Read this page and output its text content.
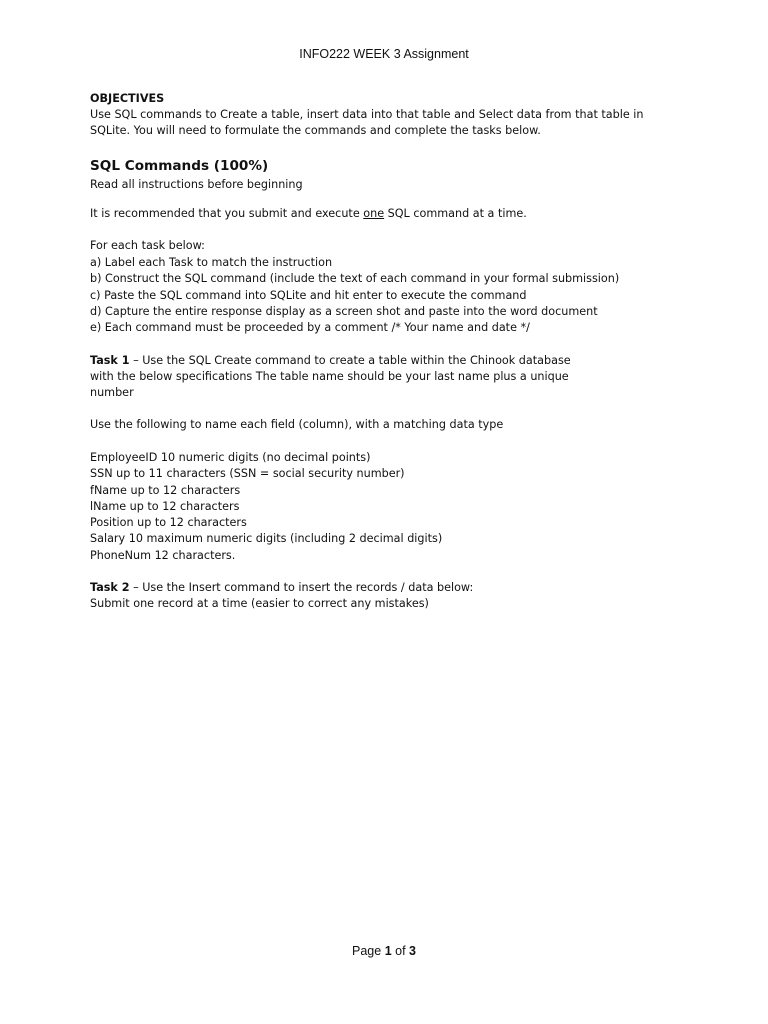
INFO222 WEEK 3 Assignment

OBJECTIVES

Use SQL commands to Create a table, insert data into that table and Select data from that table in

SQLite. You will need to formulate the commands and complete the tasks below.

SQL Commands (100%)

Read all instructions before beginning

It is recommended that you submit and execute one SQL command at a time.

For each task below:

a) Label each Task to match the instruction

b) Construct the SQL command (include the text of each command in your formal submission)

c) Paste the SQL command into SQLite and hit enter to execute the command

d) Capture the entire response display as a screen shot and paste into the word document

e) Each command must be proceeded by a comment /* Your name and date */

Task 1 – Use the SQL Create command to create a table within the Chinook database

with the below specifications The table name should be your last name plus a unique

number

Use the following to name each field (column), with a matching data type

EmployeeID 10 numeric digits (no decimal points)

SSN up to 11 characters (SSN = social security number)

fName up to 12 characters

lName up to 12 characters

Position up to 12 characters

Salary 10 maximum numeric digits (including 2 decimal digits)

PhoneNum 12 characters.

Task 2 – Use the Insert command to insert the records / data below:

Submit one record at a time (easier to correct any mistakes)

Page 1 of 3
